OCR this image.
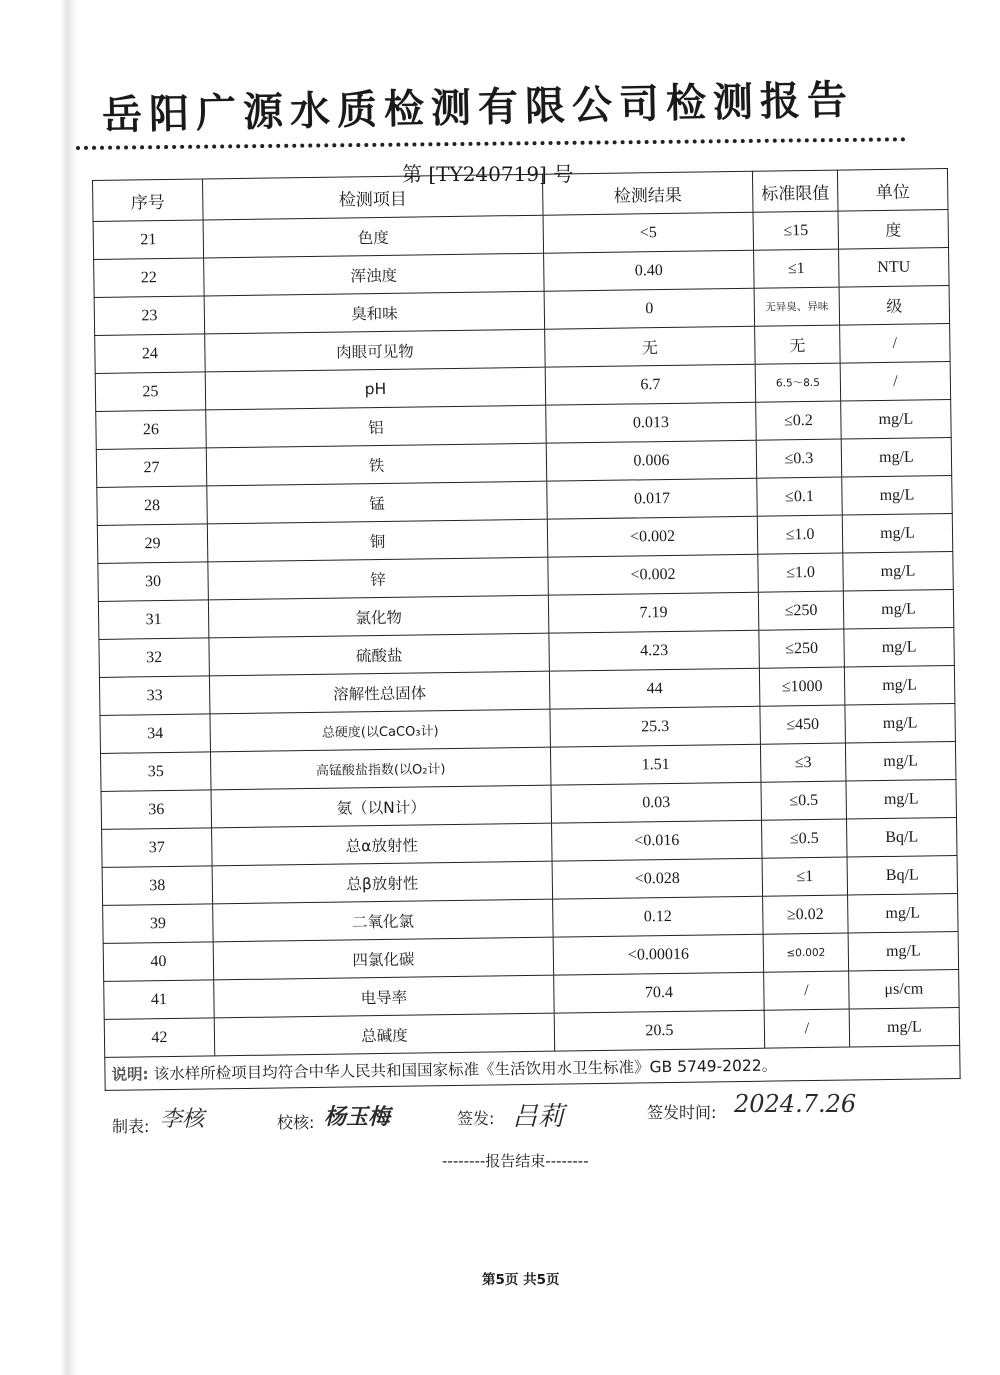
岳阳广源水质检测有限公司检测报告
第 [TY240719] 号
序号	检测项目	检测结果	标准限值	单位
21	色度	<5	≤15	度
22	浑浊度	0.40	≤1	NTU
23	臭和味	0	无异臭、异味	级
24	肉眼可见物	无	无	/
25	pH	6.7	6.5～8.5	/
26	铝	0.013	≤0.2	mg/L
27	铁	0.006	≤0.3	mg/L
28	锰	0.017	≤0.1	mg/L
29	铜	<0.002	≤1.0	mg/L
30	锌	<0.002	≤1.0	mg/L
31	氯化物	7.19	≤250	mg/L
32	硫酸盐	4.23	≤250	mg/L
33	溶解性总固体	44	≤1000	mg/L
34	总硬度(以CaCO₃计)	25.3	≤450	mg/L
35	高锰酸盐指数(以O₂计)	1.51	≤3	mg/L
36	氨（以N计）	0.03	≤0.5	mg/L
37	总α放射性	<0.016	≤0.5	Bq/L
38	总β放射性	<0.028	≤1	Bq/L
39	二氧化氯	0.12	≥0.02	mg/L
40	四氯化碳	<0.00016	≤0.002	mg/L
41	电导率	70.4	/	μs/cm
42	总碱度	20.5	/	mg/L
说明: 该水样所检项目均符合中华人民共和国国家标准《生活饮用水卫生标准》GB 5749-2022。				
制表: 李核	校核: 杨玉梅	签发: 吕莉	签发时间: 2024.7.26
--------报告结束--------
第5页 共5页
